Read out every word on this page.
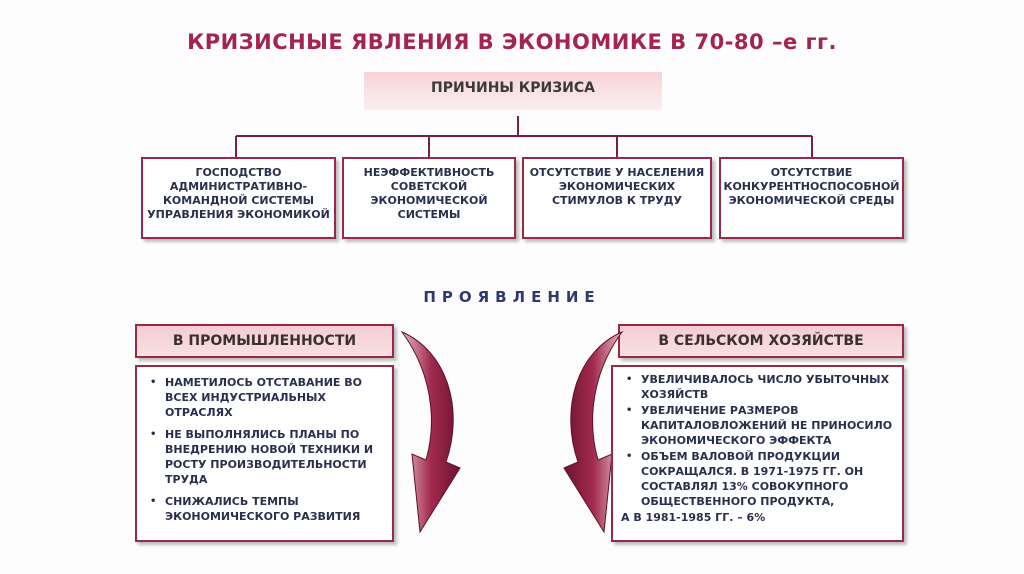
КРИЗИСНЫЕ ЯВЛЕНИЯ В ЭКОНОМИКЕ В 70-80 –е гг.
ПРИЧИНЫ КРИЗИСА
ГОСПОДСТВО АДМИНИСТРАТИВНО-КОМАНДНОЙ СИСТЕМЫ УПРАВЛЕНИЯ ЭКОНОМИКОЙ
НЕЭФФЕКТИВНОСТЬ СОВЕТСКОЙ ЭКОНОМИЧЕСКОЙ СИСТЕМЫ
ОТСУТСТВИЕ У НАСЕЛЕНИЯ ЭКОНОМИЧЕСКИХ СТИМУЛОВ К ТРУДУ
ОТСУТСТВИЕ КОНКУРЕНТНОСПОСОБНОЙ ЭКОНОМИЧЕСКОЙ СРЕДЫ
ПРОЯВЛЕНИЕ
В ПРОМЫШЛЕННОСТИ	В СЕЛЬСКОМ ХОЗЯЙСТВЕ
• НАМЕТИЛОСЬ ОТСТАВАНИЕ ВО ВСЕХ ИНДУСТРИАЛЬНЫХ ОТРАСЛЯХ
• НЕ ВЫПОЛНЯЛИСЬ ПЛАНЫ ПО ВНЕДРЕНИЮ НОВОЙ ТЕХНИКИ И РОСТУ ПРОИЗВОДИТЕЛЬНОСТИ ТРУДА
• СНИЖАЛИСЬ ТЕМПЫ ЭКОНОМИЧЕСКОГО РАЗВИТИЯ
• УВЕЛИЧИВАЛОСЬ ЧИСЛО УБЫТОЧНЫХ ХОЗЯЙСТВ
• УВЕЛИЧЕНИЕ РАЗМЕРОВ КАПИТАЛОВЛОЖЕНИЙ НЕ ПРИНОСИЛО ЭКОНОМИЧЕСКОГО ЭФФЕКТА
• ОБЪЕМ ВАЛОВОЙ ПРОДУКЦИИ СОКРАЩАЛСЯ. В 1971-1975 ГГ. ОН СОСТАВЛЯЛ 13% СОВОКУПНОГО ОБЩЕСТВЕННОГО ПРОДУКТА,
А В 1981-1985 ГГ. – 6%
